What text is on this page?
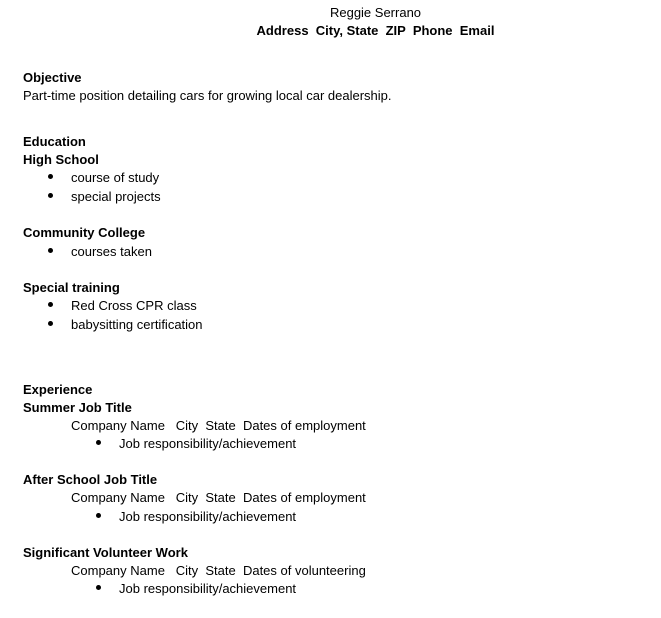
Reggie Serrano
Address  City, State  ZIP  Phone  Email
Objective
Part-time position detailing cars for growing local car dealership.
Education
High School
course of study
special projects
Community College
courses taken
Special training
Red Cross CPR class
babysitting certification
Experience
Summer Job Title
Company Name   City  State  Dates of employment
Job responsibility/achievement
After School Job Title
Company Name   City  State  Dates of employment
Job responsibility/achievement
Significant Volunteer Work
Company Name   City  State  Dates of volunteering
Job responsibility/achievement
